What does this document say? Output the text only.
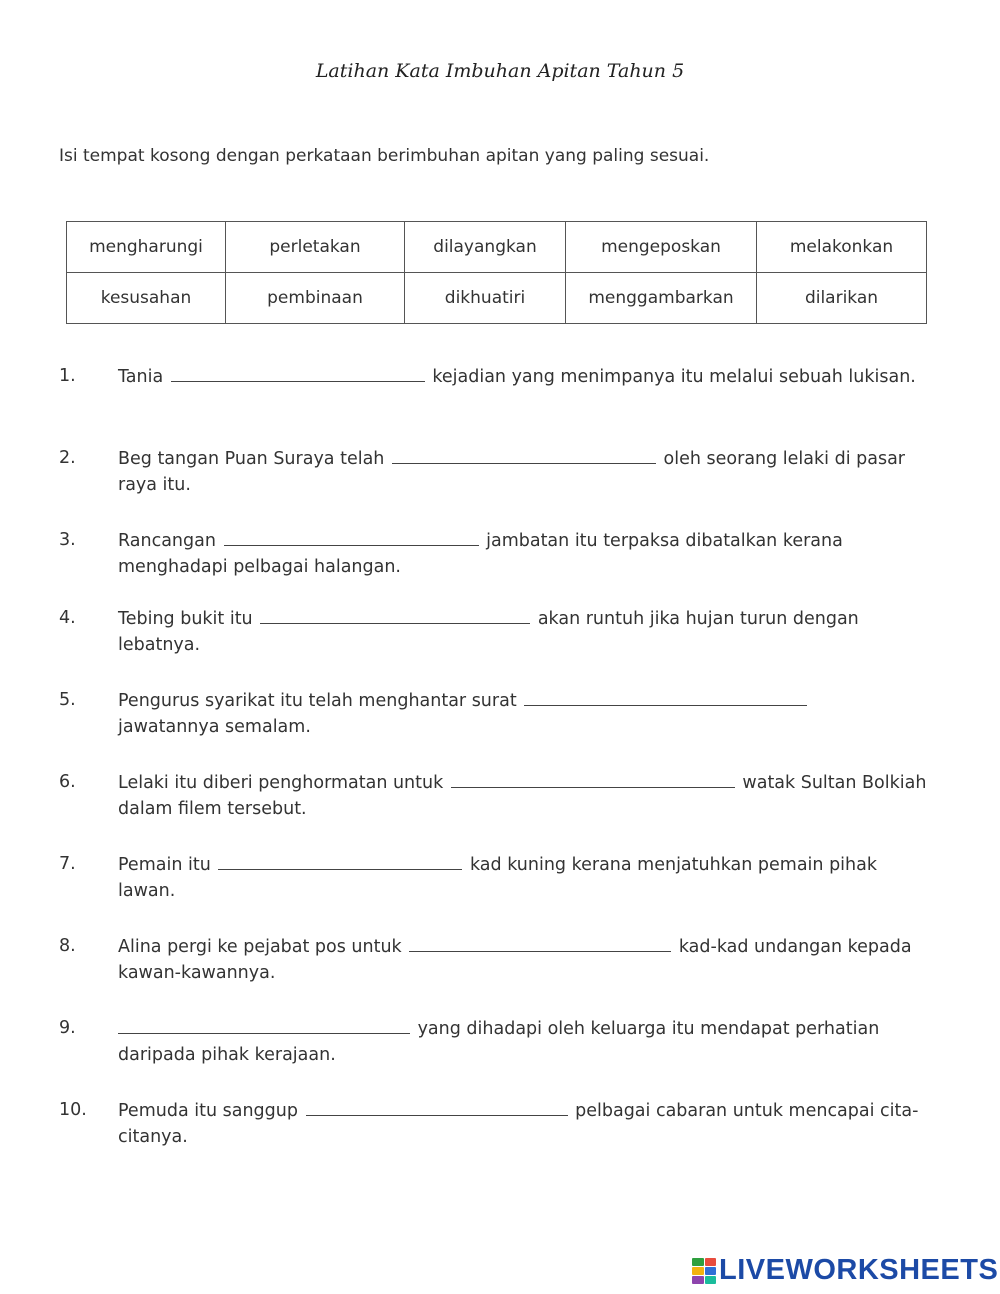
Latihan Kata Imbuhan Apitan Tahun 5
Isi tempat kosong dengan perkataan berimbuhan apitan yang paling sesuai.
mengharungi	perletakan	dilayangkan	mengeposkan	melakonkan
kesusahan	pembinaan	dikhuatiri	menggambarkan	dilarikan
1.	Tania	kejadian yang menimpanya itu melalui sebuah lukisan.
2.	Beg tangan Puan Suraya telah	oleh seorang lelaki di pasar raya itu.
3.	Rancangan	jambatan itu terpaksa dibatalkan kerana menghadapi pelbagai halangan.
4.	Tebing bukit itu	akan runtuh jika hujan turun dengan lebatnya.
5.	Pengurus syarikat itu telah menghantar surat
jawatannya semalam.
6.	Lelaki itu diberi penghormatan untuk	watak Sultan Bolkiah dalam filem tersebut.
7.	Pemain itu	kad kuning kerana menjatuhkan pemain pihak lawan.
8.	Alina pergi ke pejabat pos untuk	kad-kad undangan kepada kawan-kawannya.
9.	yang dihadapi oleh keluarga itu mendapat perhatian daripada pihak kerajaan.
10.	Pemuda itu sanggup	pelbagai cabaran untuk mencapai cita-citanya.
LIVEWORKSHEETS
